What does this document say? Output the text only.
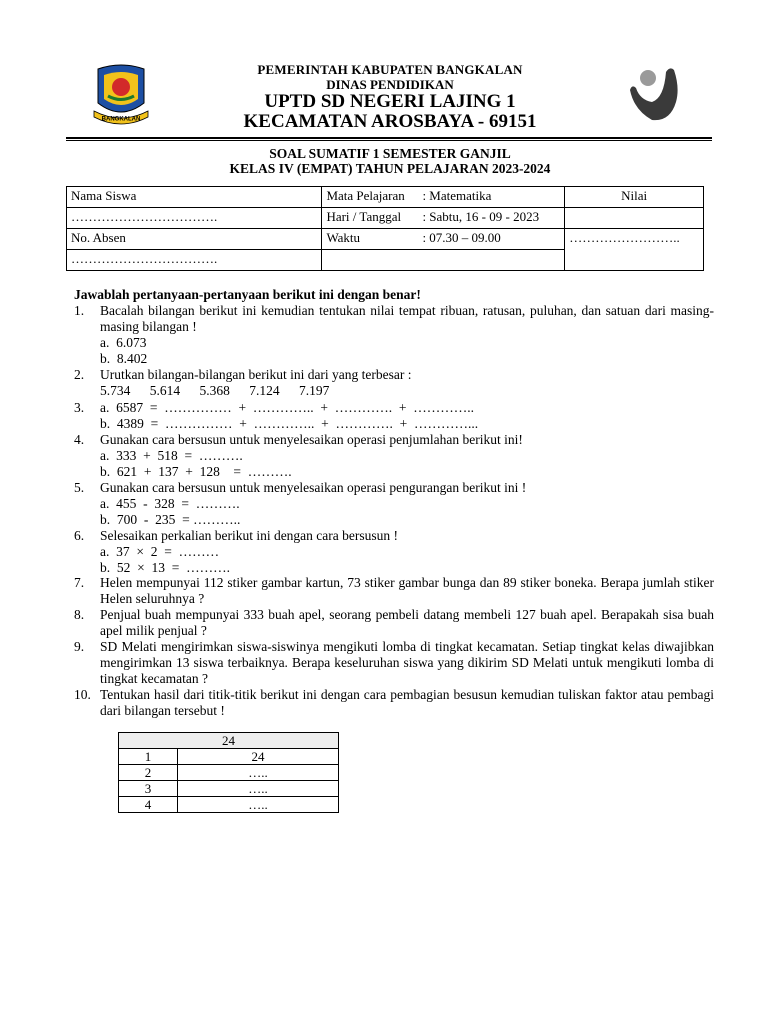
BANGKALAN
PEMERINTAH KABUPATEN BANGKALAN
DINAS PENDIDIKAN
UPTD SD NEGERI LAJING 1
KECAMATAN AROSBAYA - 69151
SOAL SUMATIF 1 SEMESTER GANJIL
KELAS IV (EMPAT) TAHUN PELAJARAN 2023-2024
Nama Siswa	Mata Pelajaran : Matematika	Nilai
…………………………….	Hari / Tanggal : Sabtu, 16 - 09 - 2023	
No. Absen	Waktu : 07.30 – 09.00	……………………..
…………………………….		
Jawablah pertanyaan-pertanyaan berikut ini dengan benar!
1.	Bacalah bilangan berikut ini kemudian tentukan nilai tempat ribuan, ratusan, puluhan, dan satuan dari masing-masing bilangan !
a.  6.073
b.  8.402
2.	Urutkan bilangan-bilangan berikut ini dari yang terbesar :
5.734 5.614 5.368 7.124 7.197
3.	a.  6587  =  ……………  +  …………..  +  ………….  +  …………..
b.  4389  =  ……………  +  …………..  +  ………….  +  …………...
4.	Gunakan cara bersusun untuk menyelesaikan operasi penjumlahan berikut ini!
a.  333  +  518  =  ……….
b.  621  +  137  +  128    =  ……….
5.	Gunakan cara bersusun untuk menyelesaikan operasi pengurangan berikut ini !
a.  455  -  328  =  ……….
b.  700  -  235  = ………..
6.	Selesaikan perkalian berikut ini dengan cara bersusun !
a.  37  ×  2  =  ………
b.  52  ×  13  =  ……….
7.	Helen mempunyai 112 stiker gambar kartun, 73 stiker gambar bunga dan 89 stiker boneka. Berapa jumlah stiker Helen seluruhnya ?
8.	Penjual buah mempunyai 333 buah apel, seorang pembeli datang membeli 127 buah apel. Berapakah sisa buah apel milik penjual ?
9.	SD Melati mengirimkan siswa-siswinya mengikuti lomba di tingkat kecamatan. Setiap tingkat kelas diwajibkan mengirimkan 13 siswa terbaiknya. Berapa keseluruhan siswa yang dikirim SD Melati untuk mengikuti lomba di tingkat kecamatan ?
10. Tentukan hasil dari titik-titik berikut ini dengan cara pembagian besusun kemudian tuliskan faktor atau pembagi dari bilangan tersebut !
24	
1	24
2	…..
3	…..
4	…..
